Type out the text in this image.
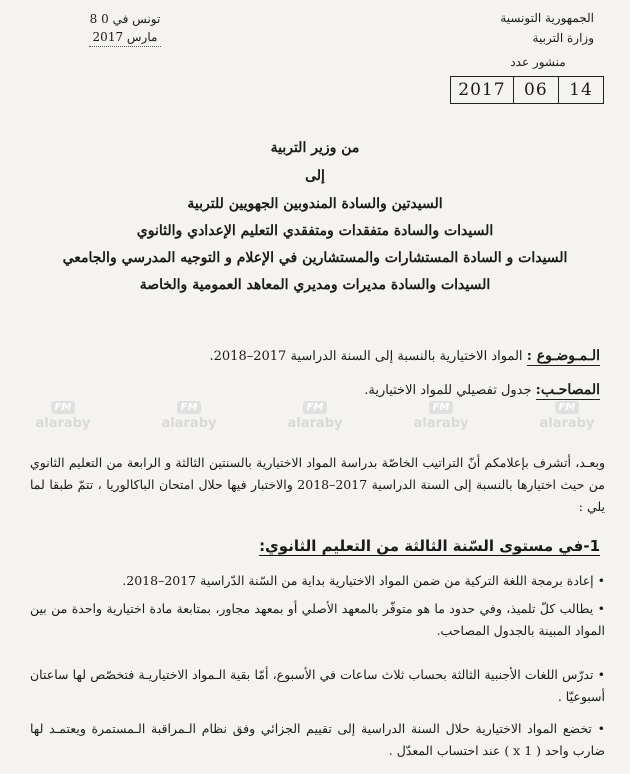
الجمهورية التونسية
وزارة التربية
تونس في 0 8
مارس 2017
منشور عدد
2017	06	14
من وزير التربية
إلى
السيدتين والسادة المندوبين الجهويين للتربية
السيدات والسادة متفقدات ومتفقدي التعليم الإعدادي والثانوي
السيدات و السادة المستشارات والمستشارين في الإعلام و التوجيه المدرسي والجامعي
السيدات والسادة مديرات ومديري المعاهد العمومية والخاصة
الـمـوضـوع : المواد الاختيارية بالنسبة إلى السنة الدراسية 2017–2018.
المصاحـب: جدول تفصيلي للمواد الاختيارية.
FM
alaraby
FM
alaraby
FM
alaraby
FM
alaraby
FM
alaraby
وبعـد، أتشرف بإعلامكم أنّ التراتيب الخاصّة بدراسة المواد الاختيارية بالسنتين الثالثة و الرابعة من التعليم الثانوي من حيث اختيارها بالنسبة إلى السنة الدراسية 2017–2018 والاختبار فيها حلال امتحان الباكالوريا ، تتمّ طبقا لما يلي :
1-في مستوى السّنة الثالثة من التعليم الثانوي:
• إعادة برمجة اللغة التركية من ضمن المواد الاختيارية بداية من السّنة الدّراسية 2017–2018.
• يطالب كلّ تلميذ، وفي حدود ما هو متوفّر بالمعهد الأصلي أو بمعهد مجاور، بمتابعة مادة اختيارية واحدة من بين المواد المبينة بالجدول المصاحب.
• تدرّس اللغات الأجنبية الثالثة بحساب ثلاث ساعات في الأسبوع، أمّا بقية الـمواد الاختياريـة فتخصّص لها ساعتان أسبوعيّا .
• تخضع المواد الاختيارية حلال السنة الدراسية إلى تقييم الجزائي وفق نظام الـمراقبة الـمستمرة ويعتمـد لها ضارب واحد ( 1 x ) عند احتساب المعدّل .
